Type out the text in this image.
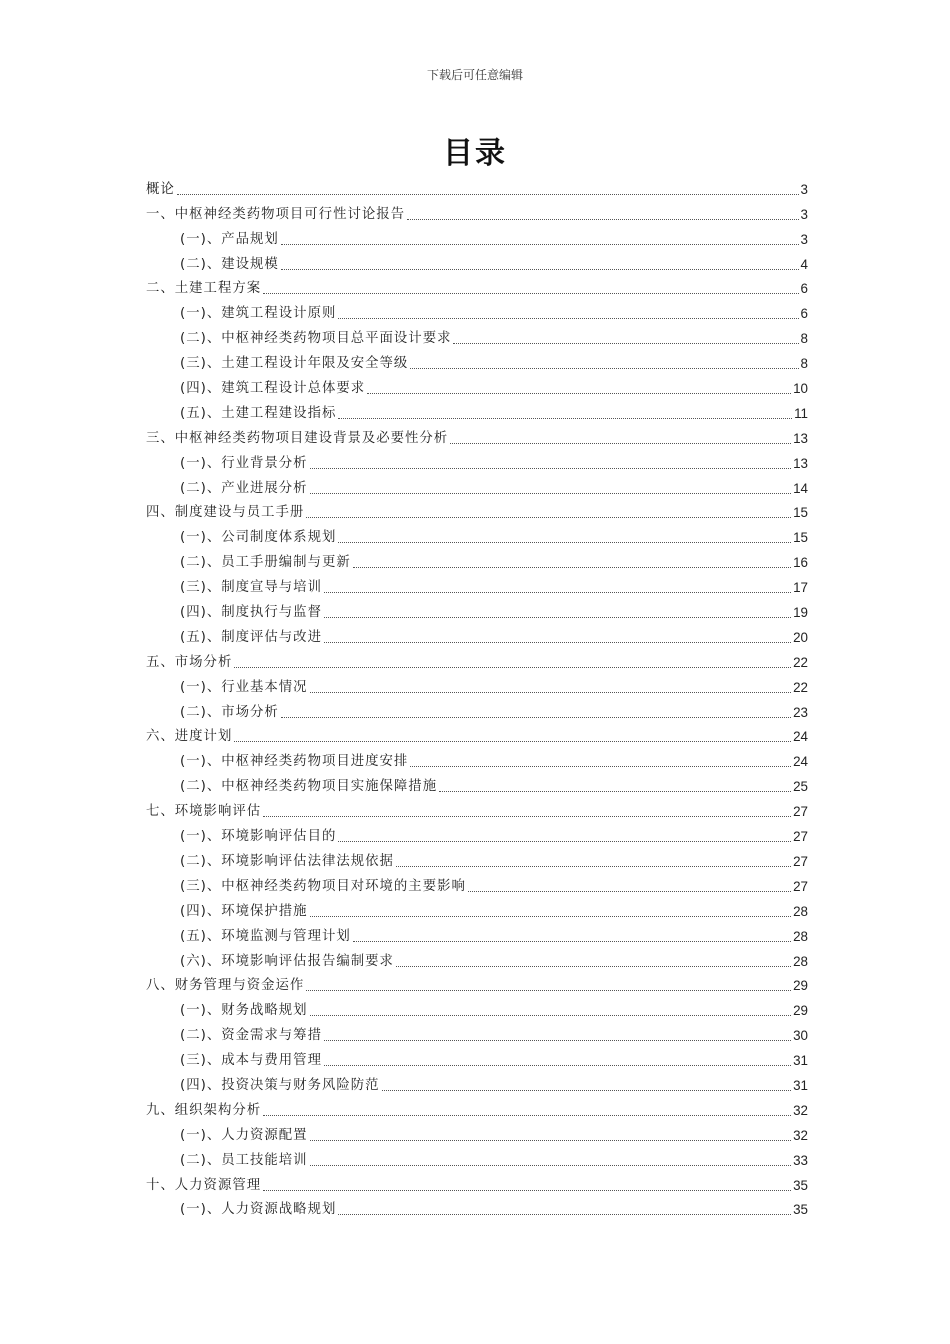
下载后可任意编辑
目录
概论	3
一、中枢神经类药物项目可行性讨论报告	3
(一)、产品规划	3
(二)、建设规模	4
二、土建工程方案	6
(一)、建筑工程设计原则	6
(二)、中枢神经类药物项目总平面设计要求	8
(三)、土建工程设计年限及安全等级	8
(四)、建筑工程设计总体要求	10
(五)、土建工程建设指标	11
三、中枢神经类药物项目建设背景及必要性分析	13
(一)、行业背景分析	13
(二)、产业进展分析	14
四、制度建设与员工手册	15
(一)、公司制度体系规划	15
(二)、员工手册编制与更新	16
(三)、制度宣导与培训	17
(四)、制度执行与监督	19
(五)、制度评估与改进	20
五、市场分析	22
(一)、行业基本情况	22
(二)、市场分析	23
六、进度计划	24
(一)、中枢神经类药物项目进度安排	24
(二)、中枢神经类药物项目实施保障措施	25
七、环境影响评估	27
(一)、环境影响评估目的	27
(二)、环境影响评估法律法规依据	27
(三)、中枢神经类药物项目对环境的主要影响	27
(四)、环境保护措施	28
(五)、环境监测与管理计划	28
(六)、环境影响评估报告编制要求	28
八、财务管理与资金运作	29
(一)、财务战略规划	29
(二)、资金需求与筹措	30
(三)、成本与费用管理	31
(四)、投资决策与财务风险防范	31
九、组织架构分析	32
(一)、人力资源配置	32
(二)、员工技能培训	33
十、人力资源管理	35
(一)、人力资源战略规划	35
